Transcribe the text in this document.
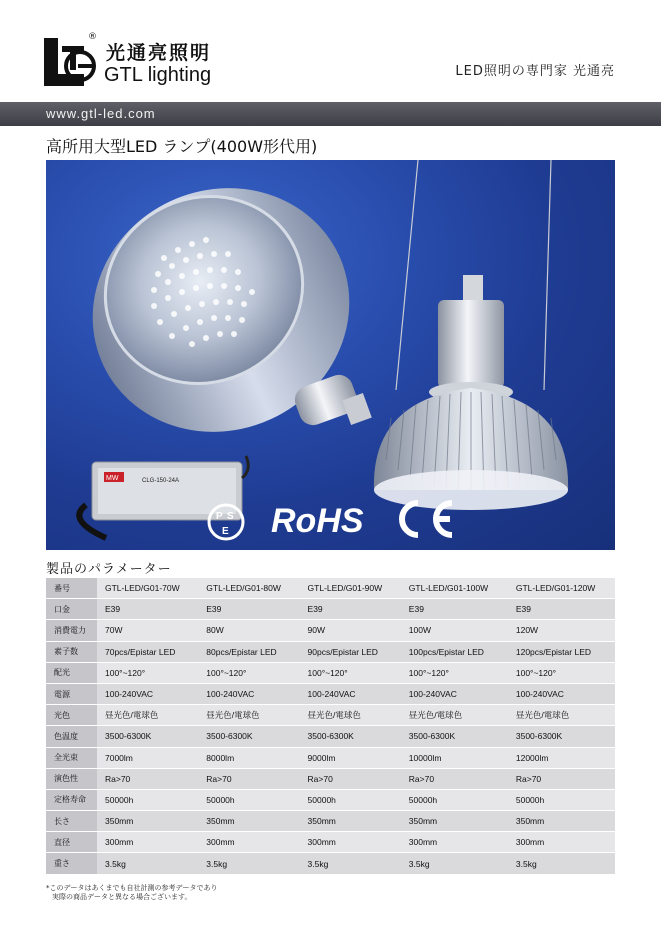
®
光通亮照明
GTL lighting	LED照明の専門家 光通亮
www.gtl-led.com
高所用大型LED ランプ(400W形代用)
MW	CLG-150-24A
P S
E RoHS
製品のパラメーター
番号	GTL-LED/G01-70W	GTL-LED/G01-80W	GTL-LED/G01-90W	GTL-LED/G01-100W	GTL-LED/G01-120W
口金	E39	E39	E39	E39	E39
消費電力	70W	80W	90W	100W	120W
素子数	70pcs/Epistar LED	80pcs/Epistar LED	90pcs/Epistar LED	100pcs/Epistar LED	120pcs/Epistar LED
配光	100°~120°	100°~120°	100°~120°	100°~120°	100°~120°
電源	100-240VAC	100-240VAC	100-240VAC	100-240VAC	100-240VAC
光色	昼光色/電球色	昼光色/電球色	昼光色/電球色	昼光色/電球色	昼光色/電球色
色温度	3500-6300K	3500-6300K	3500-6300K	3500-6300K	3500-6300K
全光束	7000lm	8000lm	9000lm	10000lm	12000lm
演色性	Ra>70	Ra>70	Ra>70	Ra>70	Ra>70
定格寿命	50000h	50000h	50000h	50000h	50000h
长さ	350mm	350mm	350mm	350mm	350mm
直径	300mm	300mm	300mm	300mm	300mm
重さ	3.5kg	3.5kg	3.5kg	3.5kg	3.5kg
*このデータはあくまでも自社計測の参考データであり
実際の商品データと異なる場合ございます。
